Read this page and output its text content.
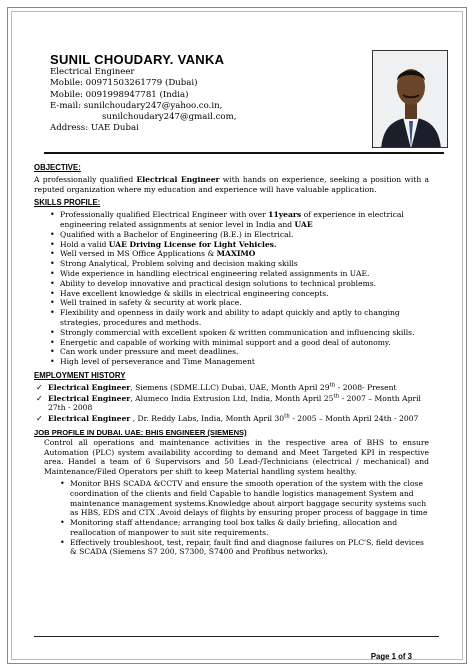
SUNIL CHOUDARY. VANKA
Electrical Engineer
Mobile: 00971503261779 (Dubai)
Mobile: 0091998947781 (India)
E-mail: sunilchoudary247@yahoo.co.in,
sunilchoudary247@gmail.com,
Address: UAE Dubai
OBJECTIVE:
A professionally qualified Electrical Engineer with hands on experience, seeking a position with a reputed organization where my education and experience will have valuable application.
SKILLS PROFILE:
• Professionally qualified Electrical Engineer with over 11years of experience in electrical engineering related assignments at senior level in India and UAE
• Qualified with a Bachelor of Engineering (B.E.) in Electrical.
• Hold a valid UAE Driving License for Light Vehicles.
• Well versed in MS Office Applications & MAXIMO
• Strong Analytical, Problem solving and decision making skills
• Wide experience in handling electrical engineering related assignments in UAE.
• Ability to develop innovative and practical design solutions to technical problems.
• Have excellent knowledge & skills in electrical engineering concepts.
• Well trained in safety & security at work place.
• Flexibility and openness in daily work and ability to adapt quickly and aptly to changing strategies, procedures and methods.
• Strongly commercial with excellent spoken & written communication and influencing skills.
• Energetic and capable of working with minimal support and a good deal of autonomy.
• Can work under pressure and meet deadlines.
• High level of perseverance and Time Management
EMPLOYMENT HISTORY
✓ Electrical Engineer, Siemens (SDME.LLC) Dubai, UAE, Month April 29th - 2008- Present
✓ Electrical Engineer, Alumeco India Extrusion Ltd, India, Month April 25th - 2007 – Month April 27th - 2008
✓ Electrical Engineer , Dr. Reddy Labs, India, Month April 30th - 2005 – Month April 24th - 2007
JOB PROFILE IN DUBAI. UAE: BHIS ENGINEER (SIEMENS)
Control all operations and maintenance activities in the respective area of BHS to ensure Automation (PLC) system availability according to demand and Meet Targeted KPI in respective area. Handel a team of 6 Supervisors and 50 Lead-/Technicians (electrical / mechanical) and Maintenance/Filed Operators per shift to keep Material handling system healthy.
• Monitor BHS SCADA &CCTV and ensure the smooth operation of the system with the close coordination of the clients and field Capable to handle logistics management System and maintenance management systems.Knowledge about airport baggage security systems such as HBS, EDS and CTX .Avoid delays of flights by ensuring proper process of baggage in time
• Monitoring staff attendance; arranging tool box talks & daily briefing, allocation and reallocation of manpower to suit site requirements.
• Effectively troubleshoot, test, repair, fault find and diagnose failures on PLC'S, field devices & SCADA (Siemens S7 200, S7300, S7400 and Profibus networks).
Page 1 of 3
